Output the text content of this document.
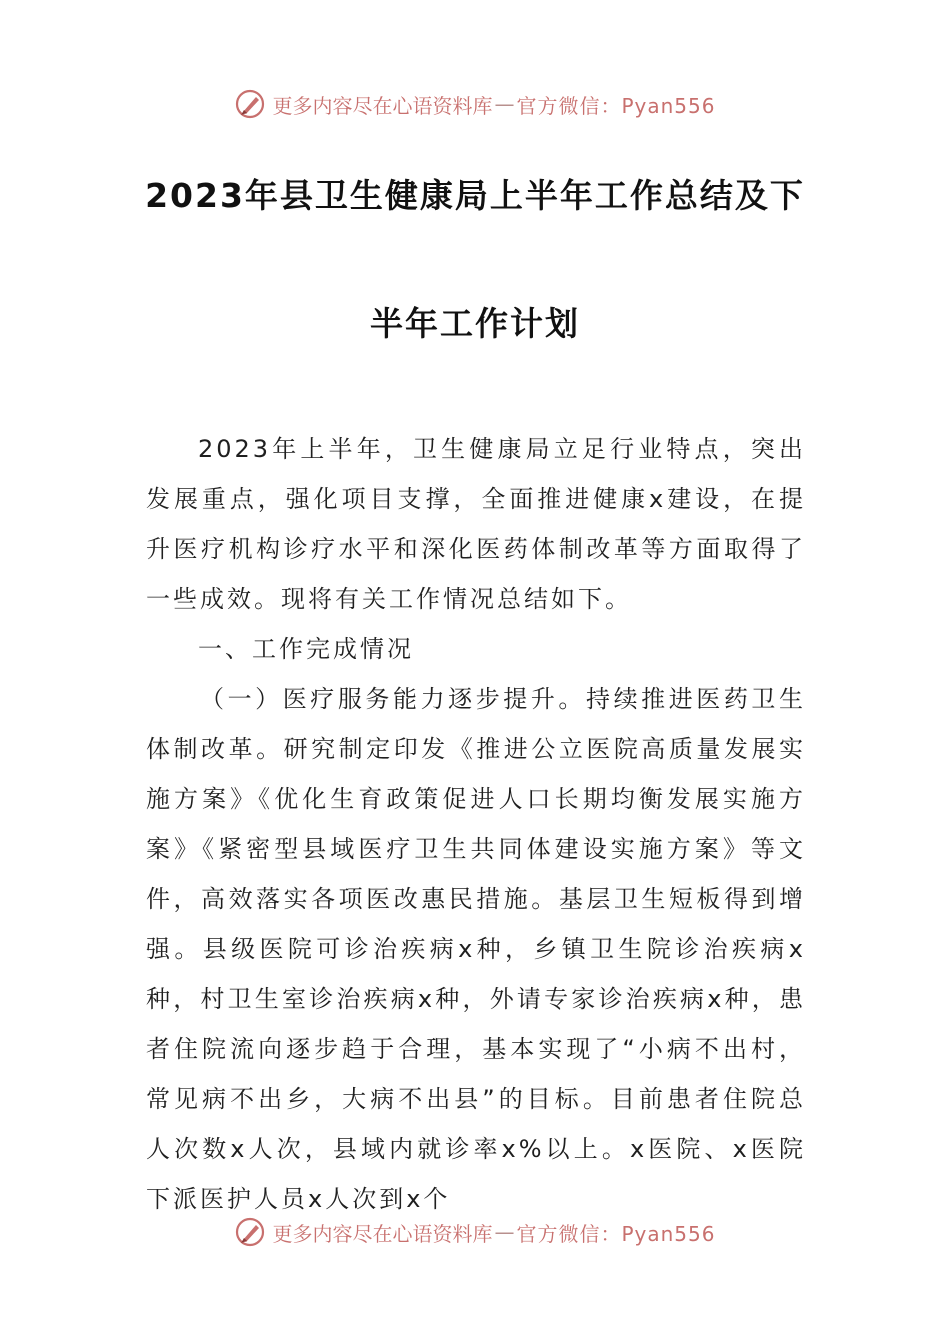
更多内容尽在心语资料库 — 官方微信：Pyan556
2023年县卫生健康局上半年工作总结及下
半年工作计划

2023年上半年，卫生健康局立足行业特点，突出发展重点，强化项目支撑，全面推进健康x建设，在提升医疗机构诊疗水平和深化医药体制改革等方面取得了一些成效。现将有关工作情况总结如下。

一、工作完成情况

（一）医疗服务能力逐步提升。持续推进医药卫生体制改革。研究制定印发《推进公立医院高质量发展实施方案》《优化生育政策促进人口长期均衡发展实施方案》《紧密型县域医疗卫生共同体建设实施方案》等文件，高效落实各项医改惠民措施。基层卫生短板得到增强。县级医院可诊治疾病x种，乡镇卫生院诊治疾病x种，村卫生室诊治疾病x种，外请专家诊治疾病x种，患者住院流向逐步趋于合理，基本实现了“小病不出村，常见病不出乡，大病不出县”的目标。目前患者住院总人次数x人次，县域内就诊率x%以上。x医院、x医院下派医护人员x人次到x个

更多内容尽在心语资料库 — 官方微信：Pyan556
